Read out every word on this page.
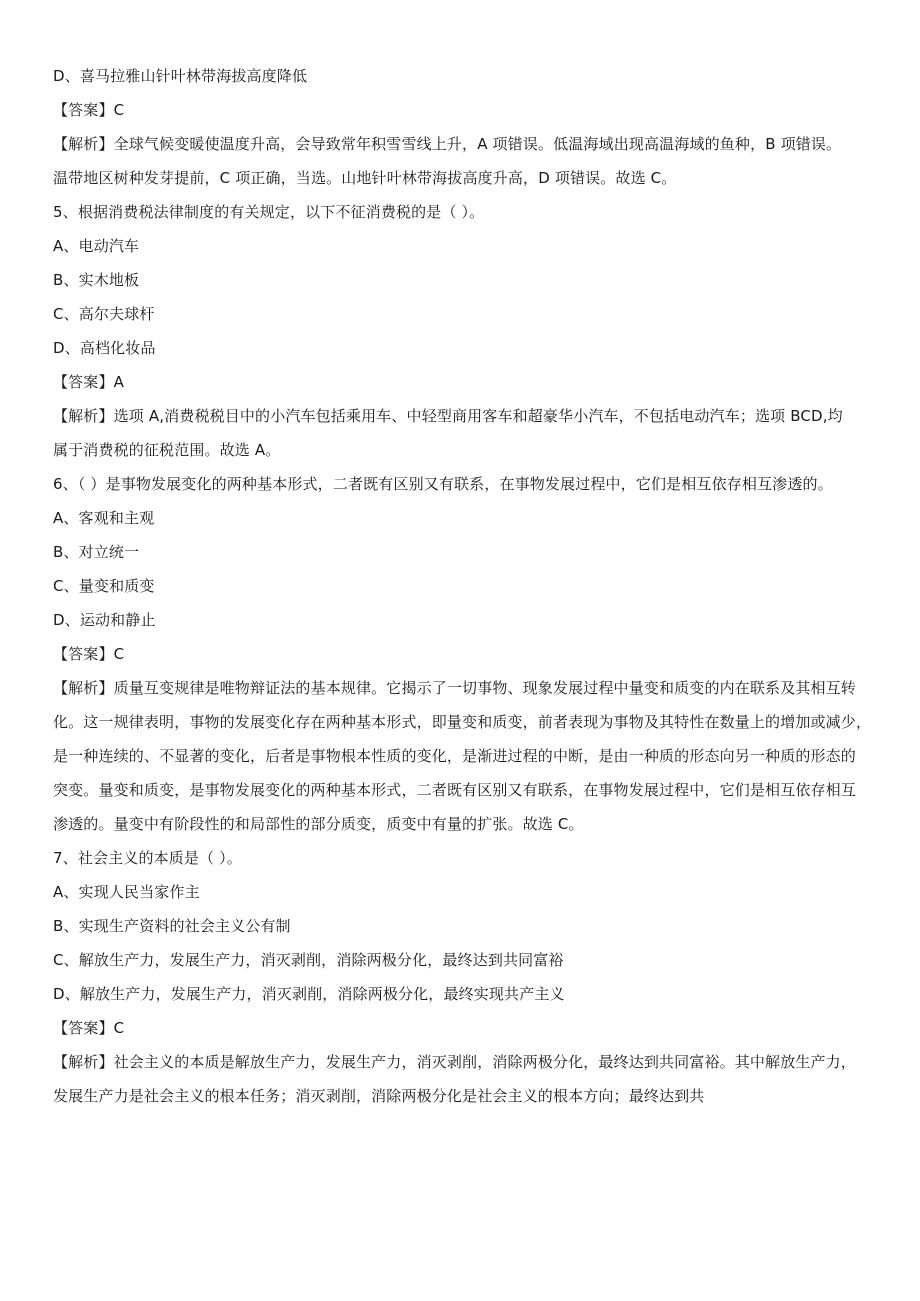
D、喜马拉雅山针叶林带海拔高度降低
【答案】C
【解析】全球气候变暖使温度升高，会导致常年积雪雪线上升，A 项错误。低温海域出现高温海域的鱼种，B 项错误。
温带地区树种发芽提前，C 项正确，当选。山地针叶林带海拔高度升高，D 项错误。故选 C。
5、根据消费税法律制度的有关规定，以下不征消费税的是（ ）。
A、电动汽车
B、实木地板
C、高尔夫球杆
D、高档化妆品
【答案】A
【解析】选项 A,消费税税目中的小汽车包括乘用车、中轻型商用客车和超豪华小汽车，不包括电动汽车；选项 BCD,均
属于消费税的征税范围。故选 A。
6、（ ）是事物发展变化的两种基本形式，二者既有区别又有联系，在事物发展过程中，它们是相互依存相互渗透的。
A、客观和主观
B、对立统一
C、量变和质变
D、运动和静止
【答案】C
【解析】质量互变规律是唯物辩证法的基本规律。它揭示了一切事物、现象发展过程中量变和质变的内在联系及其相互转
化。这一规律表明，事物的发展变化存在两种基本形式，即量变和质变，前者表现为事物及其特性在数量上的增加或减少，
是一种连续的、不显著的变化，后者是事物根本性质的变化，是渐进过程的中断，是由一种质的形态向另一种质的形态的
突变。量变和质变，是事物发展变化的两种基本形式，二者既有区别又有联系，在事物发展过程中，它们是相互依存相互
渗透的。量变中有阶段性的和局部性的部分质变，质变中有量的扩张。故选 C。
7、社会主义的本质是（ ）。
A、实现人民当家作主
B、实现生产资料的社会主义公有制
C、解放生产力，发展生产力，消灭剥削，消除两极分化，最终达到共同富裕
D、解放生产力，发展生产力，消灭剥削，消除两极分化，最终实现共产主义
【答案】C
【解析】社会主义的本质是解放生产力，发展生产力，消灭剥削，消除两极分化，最终达到共同富裕。其中解放生产力，
发展生产力是社会主义的根本任务；消灭剥削，消除两极分化是社会主义的根本方向；最终达到共
